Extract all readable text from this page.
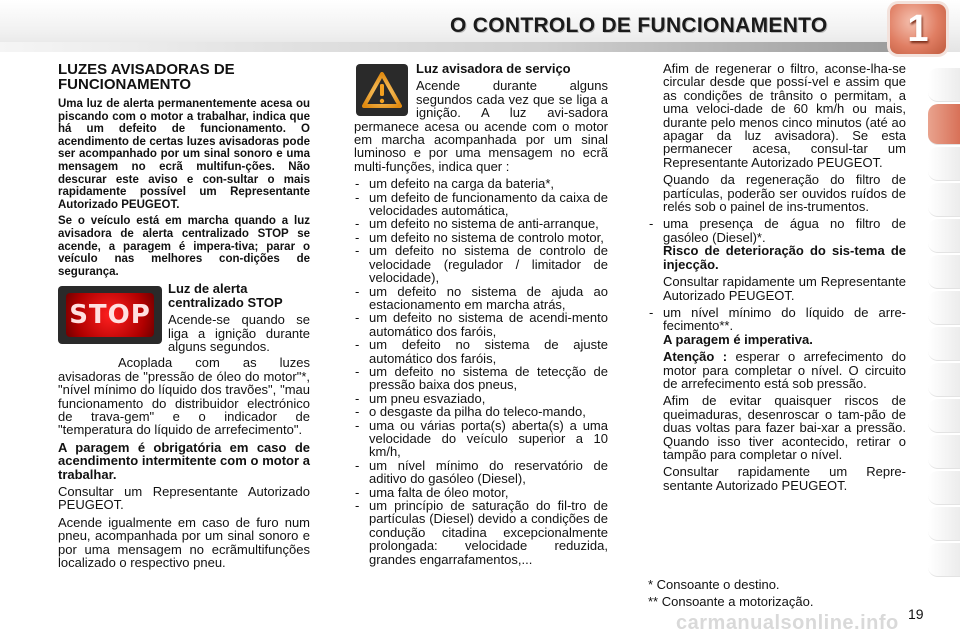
O CONTROLO DE FUNCIONAMENTO	1
LUZES AVISADORAS DE FUNCIONAMENTO

Uma luz de alerta permanentemente acesa ou piscando com o motor a trabalhar, indica que há um defeito de funcionamento. O acendimento de certas luzes avisadoras pode ser acompanhado por um sinal sonoro e uma mensagem no ecrã multifun-ções. Não descurar este aviso e con-sultar o mais rapidamente possível um Representante Autorizado PEUGEOT.

Se o veículo está em marcha quando a luz avisadora de alerta centralizado STOP se acende, a paragem é impera-tiva; parar o veículo nas melhores con-dições de segurança.

STOP

Luz de alerta centralizado STOP

Acende-se quando se liga a ignição durante alguns segundos.

Acoplada com as luzes avisadoras de "pressão de óleo do motor"*, "nível mínimo do líquido dos travões", "mau funcionamento do distribuidor electrónico de trava-gem" e o indicador de "temperatura do líquido de arrefecimento".

A paragem é obrigatória em caso de acendimento intermitente com o motor a trabalhar.

Consultar um Representante Autorizado PEUGEOT.

Acende igualmente em caso de furo num pneu, acompanhada por um sinal sonoro e por uma mensagem no ecrãmultifunções localizado o respectivo pneu.

Luz avisadora de serviço

Acende durante alguns segundos cada vez que se liga a ignição. A luz avi-sadora permanece acesa ou acende com o motor em marcha acompanhada por um sinal luminoso e por uma mensagem no ecrã multi-funções, indica quer :

- um defeito na carga da bateria*,
- um defeito de funcionamento da caixa de velocidades automática,
- um defeito no sistema de anti-arranque,
- um defeito no sistema de controlo motor,
- um defeito no sistema de controlo de velocidade (regulador / limitador de velocidade),
- um defeito no sistema de ajuda ao estacionamento em marcha atrás,
- um defeito no sistema de acendi-mento automático dos faróis,
- um defeito no sistema de ajuste automático dos faróis,
- um defeito no sistema de tetecção de pressão baixa dos pneus,
- um pneu esvaziado,
- o desgaste da pilha do teleco-mando,
- uma ou várias porta(s) aberta(s) a uma velocidade do veículo superior a 10 km/h,
- um nível mínimo do reservatório de aditivo do gasóleo (Diesel),
- uma falta de óleo motor,
- um princípio de saturação do fil-tro de partículas (Diesel) devido a condições de condução citadina excepcionalmente prolongada: velocidade reduzida, grandes engarrafamentos,...

Afim de regenerar o filtro, aconse-lha-se circular desde que possí-vel e assim que as condições de trânsito o permitam, a uma veloci-dade de 60 km/h ou mais, durante pelo menos cinco minutos (até ao apagar da luz avisadora). Se esta permanecer acesa, consul-tar um Representante Autorizado PEUGEOT.

Quando da regeneração do filtro de partículas, poderão ser ouvidos ruídos de relés sob o painel de ins-trumentos.

- uma presença de água no filtro de gasóleo (Diesel)*.

Risco de deterioração do sis-tema de injecção.

Consultar rapidamente um Representante Autorizado PEUGEOT.

- um nível mínimo do líquido de arre-fecimento**.

A paragem é imperativa.

Atenção : esperar o arrefecimento do motor para completar o nível. O circuito de arrefecimento está sob pressão.

Afim de evitar quaisquer riscos de queimaduras, desenroscar o tam-pão de duas voltas para fazer bai-xar a pressão. Quando isso tiver acontecido, retirar o tampão para completar o nível.

Consultar rapidamente um Repre-sentante Autorizado PEUGEOT.

* Consoante o destino.
** Consoante a motorização.
carmanualsonline.info 19
